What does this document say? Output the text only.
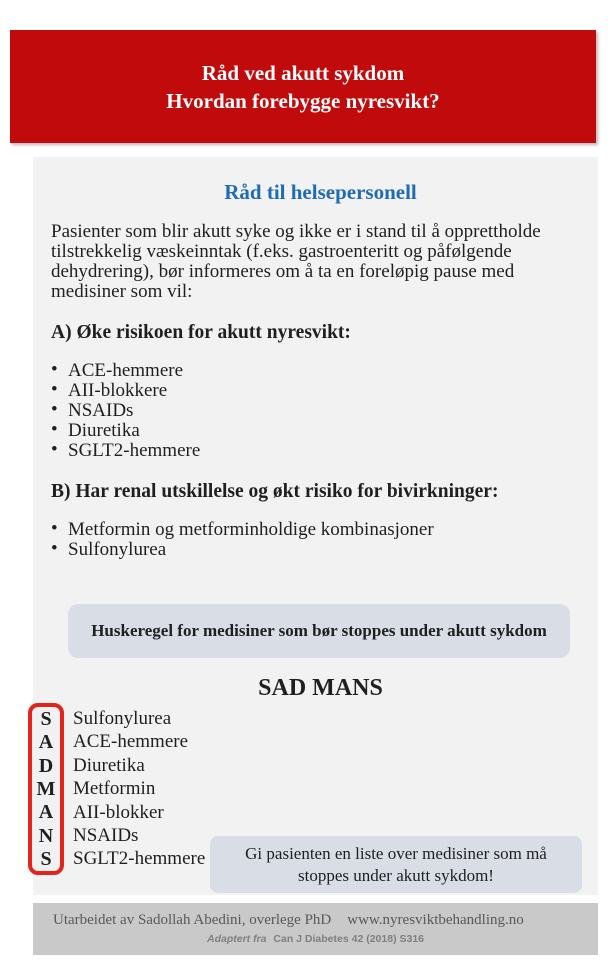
Råd ved akutt sykdom
Hvordan forebygge nyresvikt?
Råd til helsepersonell

Pasienter som blir akutt syke og ikke er i stand til å opprettholde tilstrekkelig væskeinntak (f.eks. gastroenteritt og påfølgende dehydrering), bør informeres om å ta en foreløpig pause med medisiner som vil:

A) Øke risikoen for akutt nyresvikt:
• ACE-hemmere
• AII-blokkere
• NSAIDs
• Diuretika
• SGLT2-hemmere
B) Har renal utskillelse og økt risiko for bivirkninger:
• Metformin og metforminholdige kombinasjoner
• Sulfonylurea
Huskeregel for medisiner som bør stoppes under akutt sykdom
SAD MANS
S
A
D
M
A
N
S
Sulfonylurea
ACE-hemmere
Diuretika
Metformin
AII-blokker
NSAIDs
SGLT2-hemmere	Gi pasienten en liste over medisiner som må stoppes under akutt sykdom!
Utarbeidet av Sadollah Abedini, overlege PhD www.nyresviktbehandling.no
Adaptert fra Can J Diabetes 42 (2018) S316
